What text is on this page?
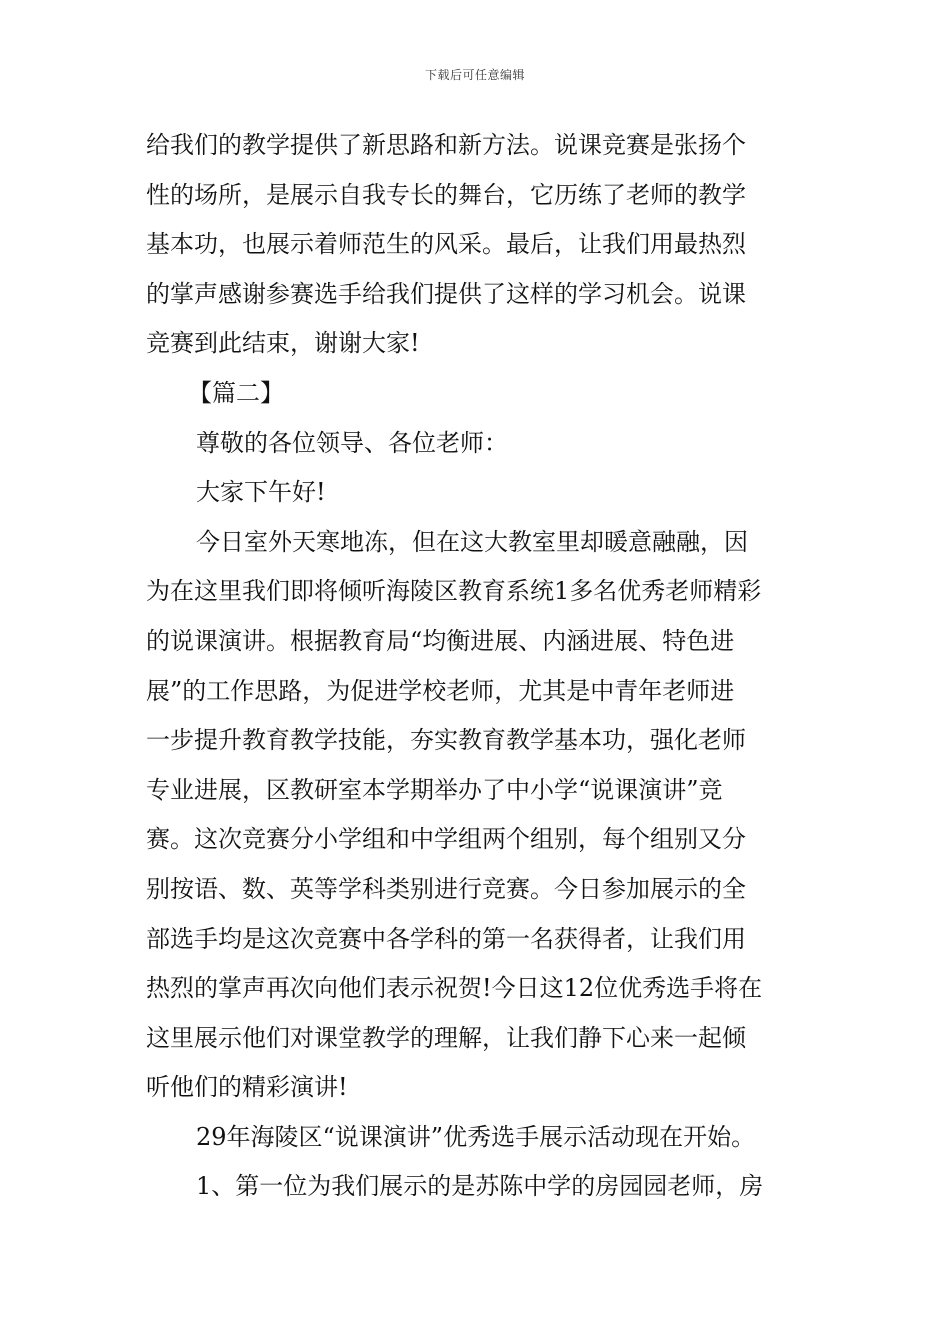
下载后可任意编辑
给我们的教学提供了新思路和新方法。说课竞赛是张扬个
性的场所，是展示自我专长的舞台，它历练了老师的教学
基本功，也展示着师范生的风采。最后，让我们用最热烈
的掌声感谢参赛选手给我们提供了这样的学习机会。说课
竞赛到此结束，谢谢大家!
【篇二】
尊敬的各位领导、各位老师：
大家下午好!
今日室外天寒地冻，但在这大教室里却暖意融融，因
为在这里我们即将倾听海陵区教育系统1多名优秀老师精彩
的说课演讲。根据教育局“均衡进展、内涵进展、特色进
展”的工作思路，为促进学校老师，尤其是中青年老师进
一步提升教育教学技能，夯实教育教学基本功，强化老师
专业进展，区教研室本学期举办了中小学“说课演讲”竞
赛。这次竞赛分小学组和中学组两个组别，每个组别又分
别按语、数、英等学科类别进行竞赛。今日参加展示的全
部选手均是这次竞赛中各学科的第一名获得者，让我们用
热烈的掌声再次向他们表示祝贺!今日这12位优秀选手将在
这里展示他们对课堂教学的理解，让我们静下心来一起倾
听他们的精彩演讲!
29年海陵区“说课演讲”优秀选手展示活动现在开始。
1、第一位为我们展示的是苏陈中学的房园园老师，房
